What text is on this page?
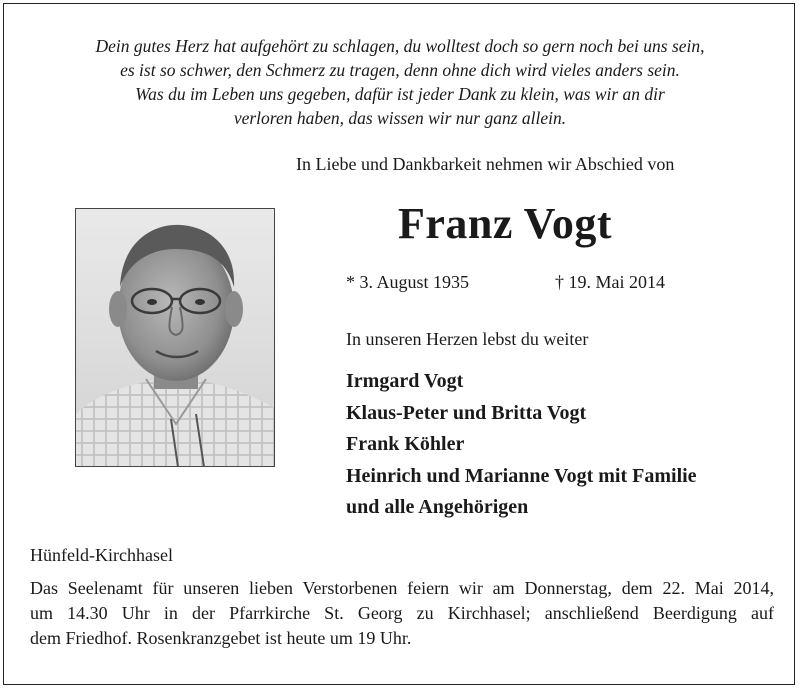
Dein gutes Herz hat aufgehört zu schlagen, du wolltest doch so gern noch bei uns sein,
es ist so schwer, den Schmerz zu tragen, denn ohne dich wird vieles anders sein.
Was du im Leben uns gegeben, dafür ist jeder Dank zu klein, was wir an dir
verloren haben, das wissen wir nur ganz allein.
In Liebe und Dankbarkeit nehmen wir Abschied von
Franz Vogt
* 3. August 1935	† 19. Mai 2014
In unseren Herzen lebst du weiter
Irmgard Vogt
Klaus-Peter und Britta Vogt
Frank Köhler
Heinrich und Marianne Vogt mit Familie
und alle Angehörigen
Hünfeld-Kirchhasel
Das Seelenamt für unseren lieben Verstorbenen feiern wir am Donnerstag, dem 22. Mai 2014,
um 14.30 Uhr in der Pfarrkirche St. Georg zu Kirchhasel; anschließend Beerdigung auf
dem Friedhof. Rosenkranzgebet ist heute um 19 Uhr.
